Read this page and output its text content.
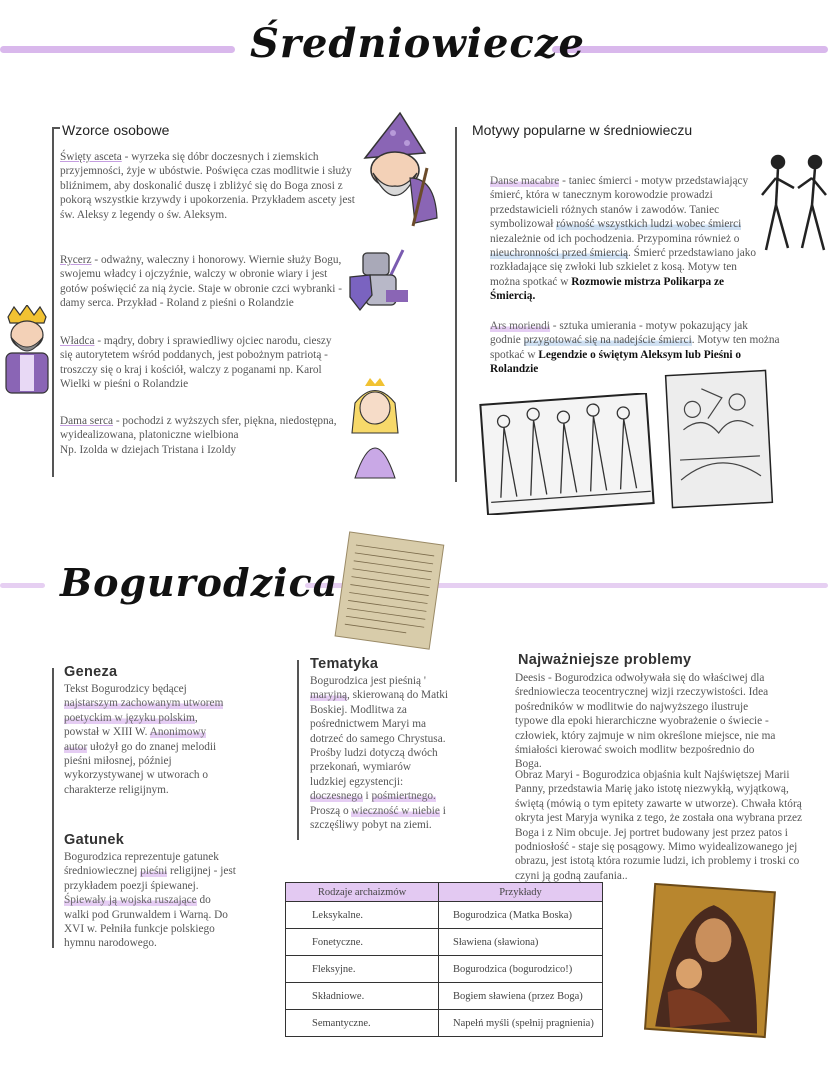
Średniowiecze
Wzorce osobowe

Święty asceta - wyrzeka się dóbr doczesnych i ziemskich przyjemności, żyje w ubóstwie. Poświęca czas modlitwie i służy bliźnimem, aby doskonalić duszę i zbliżyć się do Boga znosi z pokorą wszystkie krzywdy i upokorzenia. Przykładem ascety jest św. Aleksy z legendy o św. Aleksym.

Rycerz - odważny, waleczny i honorowy. Wiernie służy Bogu, swojemu władcy i ojczyźnie, walczy w obronie wiary i jest gotów poświęcić za nią życie. Staje w obronie czci wybranki - damy serca. Przykład - Roland z pieśni o Rolandzie

Władca - mądry, dobry i sprawiedliwy ojciec narodu, cieszy się autorytetem wśród poddanych, jest pobożnym patriotą - troszczy się o kraj i kościół, walczy z poganami np. Karol Wielki w pieśni o Rolandzie

Dama serca - pochodzi z wyższych sfer, piękna, niedostępna, wyidealizowana, platoniczne wielbiona
Np. Izolda w dziejach Tristana i Izoldy

Motywy popularne w średniowieczu

Danse macabre - taniec śmierci - motyw przedstawiający śmierć, która w tanecznym korowodzie prowadzi przedstawicieli różnych stanów i zawodów. Taniec symbolizował równość wszystkich ludzi wobec śmierci niezależnie od ich pochodzenia. Przypomina również o nieuchronności przed śmiercią. Śmierć przedstawiano jako rozkładające się zwłoki lub szkielet z kosą. Motyw ten można spotkać w Rozmowie mistrza Polikarpa ze Śmiercią.

Ars moriendi - sztuka umierania - motyw pokazujący jak godnie przygotować się na nadejście śmierci. Motyw ten można spotkać w Legendzie o świętym Aleksym lub Pieśni o Rolandzie

Bogurodzica
Geneza

Tekst Bogurodzicy będącej najstarszym zachowanym utworem poetyckim w języku polskim, powstał w XIII W. Anonimowy autor ułożył go do znanej melodii pieśni miłosnej, później wykorzystywanej w utworach o charakterze religijnym.

Gatunek

Bogurodzica reprezentuje gatunek średniowiecznej pieśni religijnej - jest przykładem poezji śpiewanej. Śpiewały ją wojska ruszające do walki pod Grunwaldem i Warną. Do XVI w. Pełniła funkcje polskiego hymnu narodowego.

Tematyka

Bogurodzica jest pieśnią ' maryjną, skierowaną do Matki Boskiej. Modlitwa za pośrednictwem Maryi ma dotrzeć do samego Chrystusa. Prośby ludzi dotyczą dwóch przekonań, wymiarów ludzkiej egzystencji: doczesnego i pośmiertnego. Proszą o wieczność w niebie i szczęśliwy pobyt na ziemi.

Najważniejsze problemy

Deesis - Bogurodzica odwoływała się do właściwej dla średniowiecza teocentrycznej wizji rzeczywistości. Idea pośredników w modlitwie do najwyższego ilustruje typowe dla epoki hierarchiczne wyobrażenie o świecie - człowiek, który zajmuje w nim określone miejsce, nie ma śmiałości kierować swoich modlitw bezpośrednio do Boga.

Obraz Maryi - Bogurodzica objaśnia kult Najświętszej Marii Panny, przedstawia Marię jako istotę niezwykłą, wyjątkową, świętą (mówią o tym epitety zawarte w utworze). Chwała którą okryta jest Maryja wynika z tego, że została ona wybrana przez Boga i z Nim obcuje. Jej portret budowany jest przez patos i podniosłość - staje się posągowy. Mimo wyidealizowanego jej obrazu, jest istotą która rozumie ludzi, ich problemy i troski co czyni ją godną zaufania..

Rodzaje archaizmów	Przykłady
Leksykalne.	Bogurodzica (Matka Boska)
Fonetyczne.	Sławiena (sławiona)
Fleksyjne.	Bogurodzica (bogurodzico!)
Składniowe.	Bogiem sławiena (przez Boga)
Semantyczne.	Napełń myśli (spełnij pragnienia)
